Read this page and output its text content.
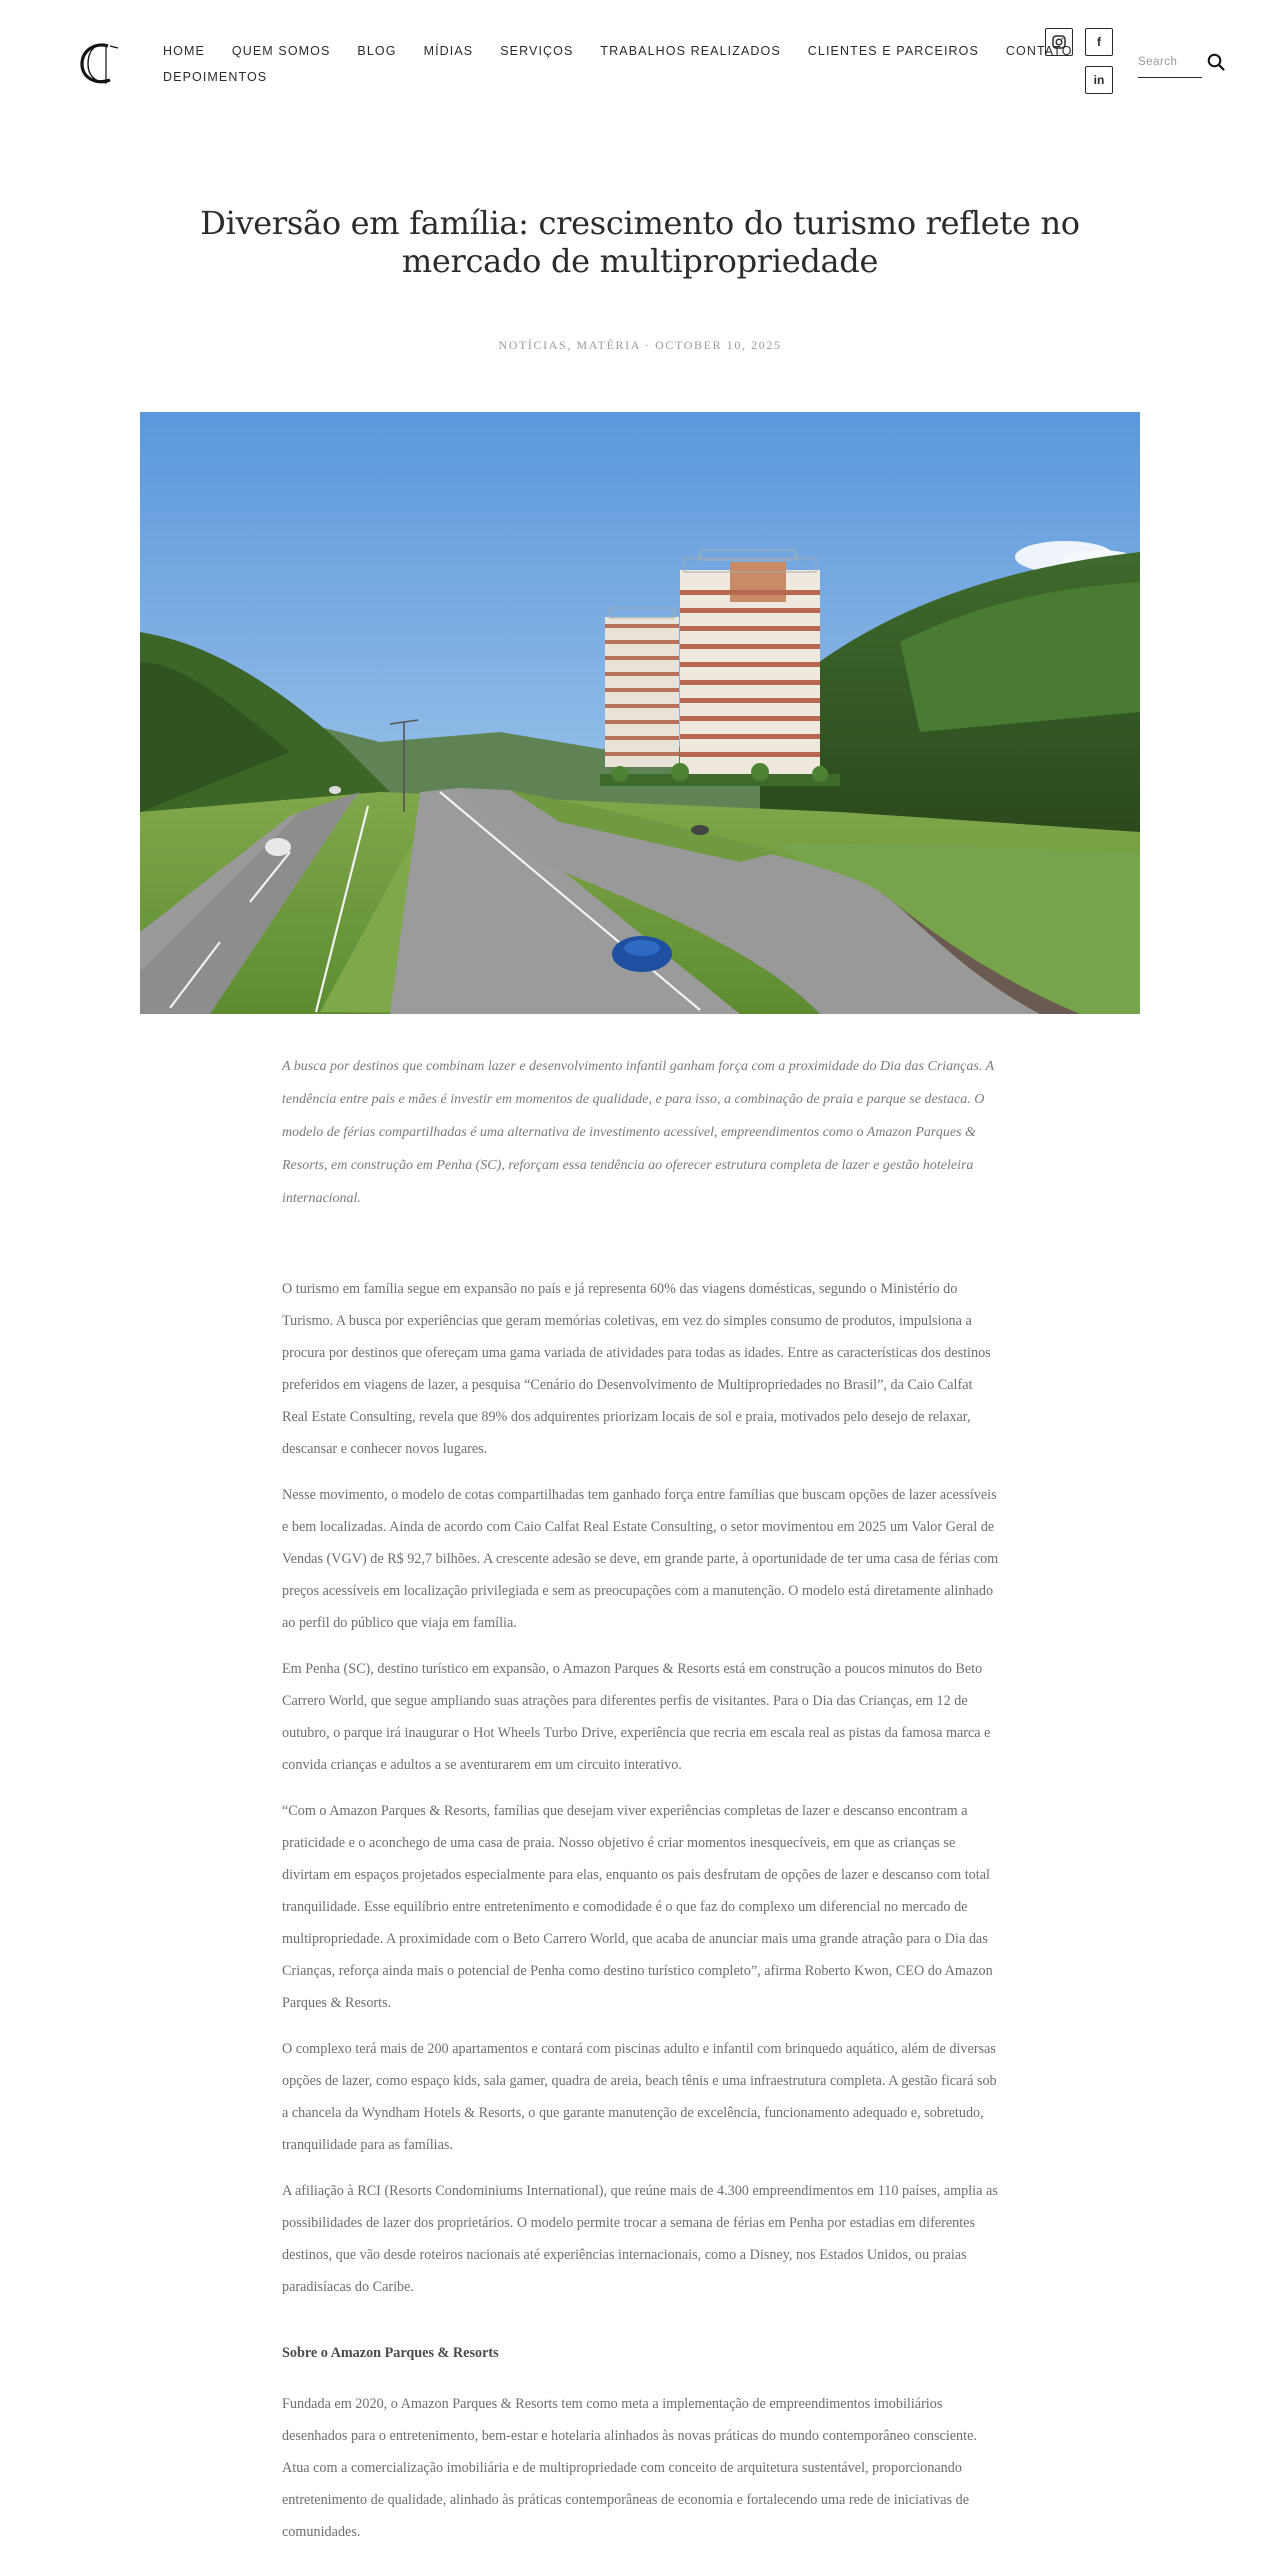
HOME QUEM SOMOS BLOG MÍDIAS SERVIÇOS TRABALHOS REALIZADOS CLIENTES E PARCEIROS CONTATO
DEPOIMENTOS
f
in
Search
Diversão em família: crescimento do turismo reflete no mercado de multipropriedade
NOTÍCIAS, MATÉRIA · OCTOBER 10, 2025

A busca por destinos que combinam lazer e desenvolvimento infantil ganham força com a proximidade do Dia das Crianças. A tendência entre pais e mães é investir em momentos de qualidade, e para isso, a combinação de praia e parque se destaca. O modelo de férias compartilhadas é uma alternativa de investimento acessível, empreendimentos como o Amazon Parques & Resorts, em construção em Penha (SC), reforçam essa tendência ao oferecer estrutura completa de lazer e gestão hoteleira internacional.

O turismo em família segue em expansão no país e já representa 60% das viagens domésticas, segundo o Ministério do Turismo. A busca por experiências que geram memórias coletivas, em vez do simples consumo de produtos, impulsiona a procura por destinos que ofereçam uma gama variada de atividades para todas as idades. Entre as características dos destinos preferidos em viagens de lazer, a pesquisa “Cenário do Desenvolvimento de Multipropriedades no Brasil”, da Caio Calfat Real Estate Consulting, revela que 89% dos adquirentes priorizam locais de sol e praia, motivados pelo desejo de relaxar, descansar e conhecer novos lugares.

Nesse movimento, o modelo de cotas compartilhadas tem ganhado força entre famílias que buscam opções de lazer acessíveis e bem localizadas. Ainda de acordo com Caio Calfat Real Estate Consulting, o setor movimentou em 2025 um Valor Geral de Vendas (VGV) de R$ 92,7 bilhões. A crescente adesão se deve, em grande parte, à oportunidade de ter uma casa de férias com preços acessíveis em localização privilegiada e sem as preocupações com a manutenção. O modelo está diretamente alinhado ao perfil do público que viaja em família.

Em Penha (SC), destino turístico em expansão, o Amazon Parques & Resorts está em construção a poucos minutos do Beto Carrero World, que segue ampliando suas atrações para diferentes perfis de visitantes. Para o Dia das Crianças, em 12 de outubro, o parque irá inaugurar o Hot Wheels Turbo Drive, experiência que recria em escala real as pistas da famosa marca e convida crianças e adultos a se aventurarem em um circuito interativo.

“Com o Amazon Parques & Resorts, famílias que desejam viver experiências completas de lazer e descanso encontram a praticidade e o aconchego de uma casa de praia. Nosso objetivo é criar momentos inesquecíveis, em que as crianças se divirtam em espaços projetados especialmente para elas, enquanto os pais desfrutam de opções de lazer e descanso com total tranquilidade. Esse equilíbrio entre entretenimento e comodidade é o que faz do complexo um diferencial no mercado de multipropriedade. A proximidade com o Beto Carrero World, que acaba de anunciar mais uma grande atração para o Dia das Crianças, reforça ainda mais o potencial de Penha como destino turístico completo”, afirma Roberto Kwon, CEO do Amazon Parques & Resorts.

O complexo terá mais de 200 apartamentos e contará com piscinas adulto e infantil com brinquedo aquático, além de diversas opções de lazer, como espaço kids, sala gamer, quadra de areia, beach tênis e uma infraestrutura completa. A gestão ficará sob a chancela da Wyndham Hotels & Resorts, o que garante manutenção de excelência, funcionamento adequado e, sobretudo, tranquilidade para as famílias.

A afiliação à RCI (Resorts Condominiums International), que reúne mais de 4.300 empreendimentos em 110 países, amplia as possibilidades de lazer dos proprietários. O modelo permite trocar a semana de férias em Penha por estadias em diferentes destinos, que vão desde roteiros nacionais até experiências internacionais, como a Disney, nos Estados Unidos, ou praias paradisíacas do Caribe.

Sobre o Amazon Parques & Resorts

Fundada em 2020, o Amazon Parques & Resorts tem como meta a implementação de empreendimentos imobiliários desenhados para o entretenimento, bem-estar e hotelaria alinhados às novas práticas do mundo contemporâneo consciente. Atua com a comercialização imobiliária e de multipropriedade com conceito de arquitetura sustentável, proporcionando entretenimento de qualidade, alinhado às práticas contemporâneas de economia e fortalecendo uma rede de iniciativas de comunidades.
